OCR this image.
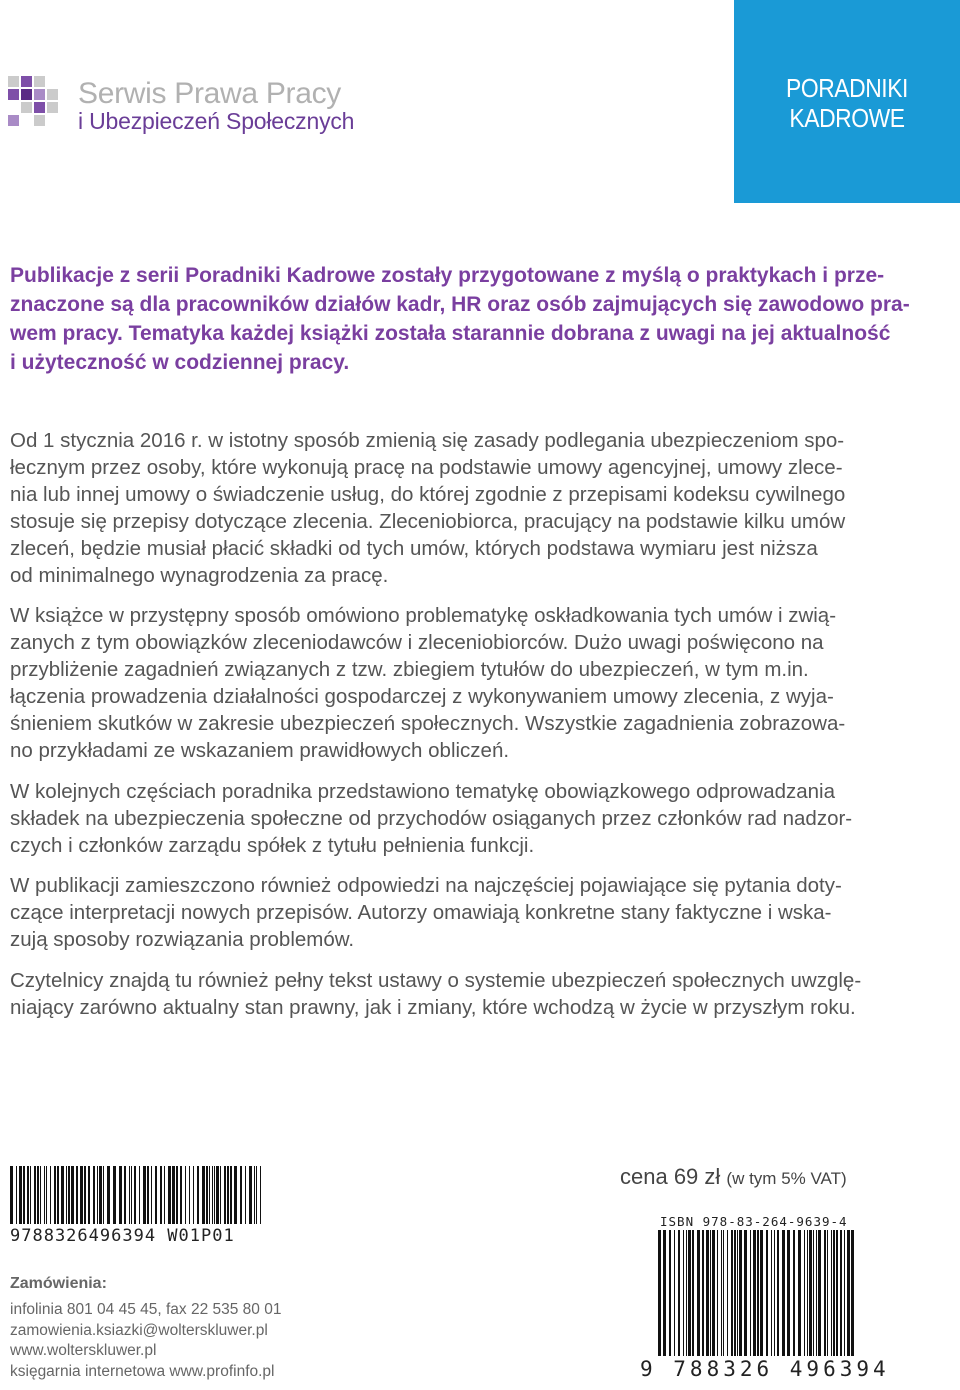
Serwis Prawa Pracy
i Ubezpieczeń Społecznych
PORADNIKI
KADROWE

Publikacje z serii Poradniki Kadrowe zostały przygotowane z myślą o praktykach i prze-
znaczone są dla pracowników działów kadr, HR oraz osób zajmujących się zawodowo pra-
wem pracy. Tematyka każdej książki została starannie dobrana z uwagi na jej aktualność
i użyteczność w codziennej pracy.

Od 1 stycznia 2016 r. w istotny sposób zmienią się zasady podlegania ubezpieczeniom spo-
łecznym przez osoby, które wykonują pracę na podstawie umowy agencyjnej, umowy zlece-
nia lub innej umowy o świadczenie usług, do której zgodnie z przepisami kodeksu cywilnego
stosuje się przepisy dotyczące zlecenia. Zleceniobiorca, pracujący na podstawie kilku umów
zleceń, będzie musiał płacić składki od tych umów, których podstawa wymiaru jest niższa
od minimalnego wynagrodzenia za pracę.

W książce w przystępny sposób omówiono problematykę oskładkowania tych umów i zwią-
zanych z tym obowiązków zleceniodawców i zleceniobiorców. Dużo uwagi poświęcono na
przybliżenie zagadnień związanych z tzw. zbiegiem tytułów do ubezpieczeń, w tym m.in.
łączenia prowadzenia działalności gospodarczej z wykonywaniem umowy zlecenia, z wyja-
śnieniem skutków w zakresie ubezpieczeń społecznych. Wszystkie zagadnienia zobrazowa-
no przykładami ze wskazaniem prawidłowych obliczeń.

W kolejnych częściach poradnika przedstawiono tematykę obowiązkowego odprowadzania
składek na ubezpieczenia społeczne od przychodów osiąganych przez członków rad nadzor-
czych i członków zarządu spółek z tytułu pełnienia funkcji.

W publikacji zamieszczono również odpowiedzi na najczęściej pojawiające się pytania doty-
czące interpretacji nowych przepisów. Autorzy omawiają konkretne stany faktyczne i wska-
zują sposoby rozwiązania problemów.

Czytelnicy znajdą tu również pełny tekst ustawy o systemie ubezpieczeń społecznych uwzglę-
niający zarówno aktualny stan prawny, jak i zmiany, które wchodzą w życie w przyszłym roku.

9788326496394 W01P01
Zamówienia:
infolinia 801 04 45 45, fax 22 535 80 01
zamowienia.ksiazki@wolterskluwer.pl
www.wolterskluwer.pl
księgarnia internetowa www.profinfo.pl
cena 69 zł (w tym 5% VAT)
ISBN 978-83-264-9639-4
9 788326 496394
